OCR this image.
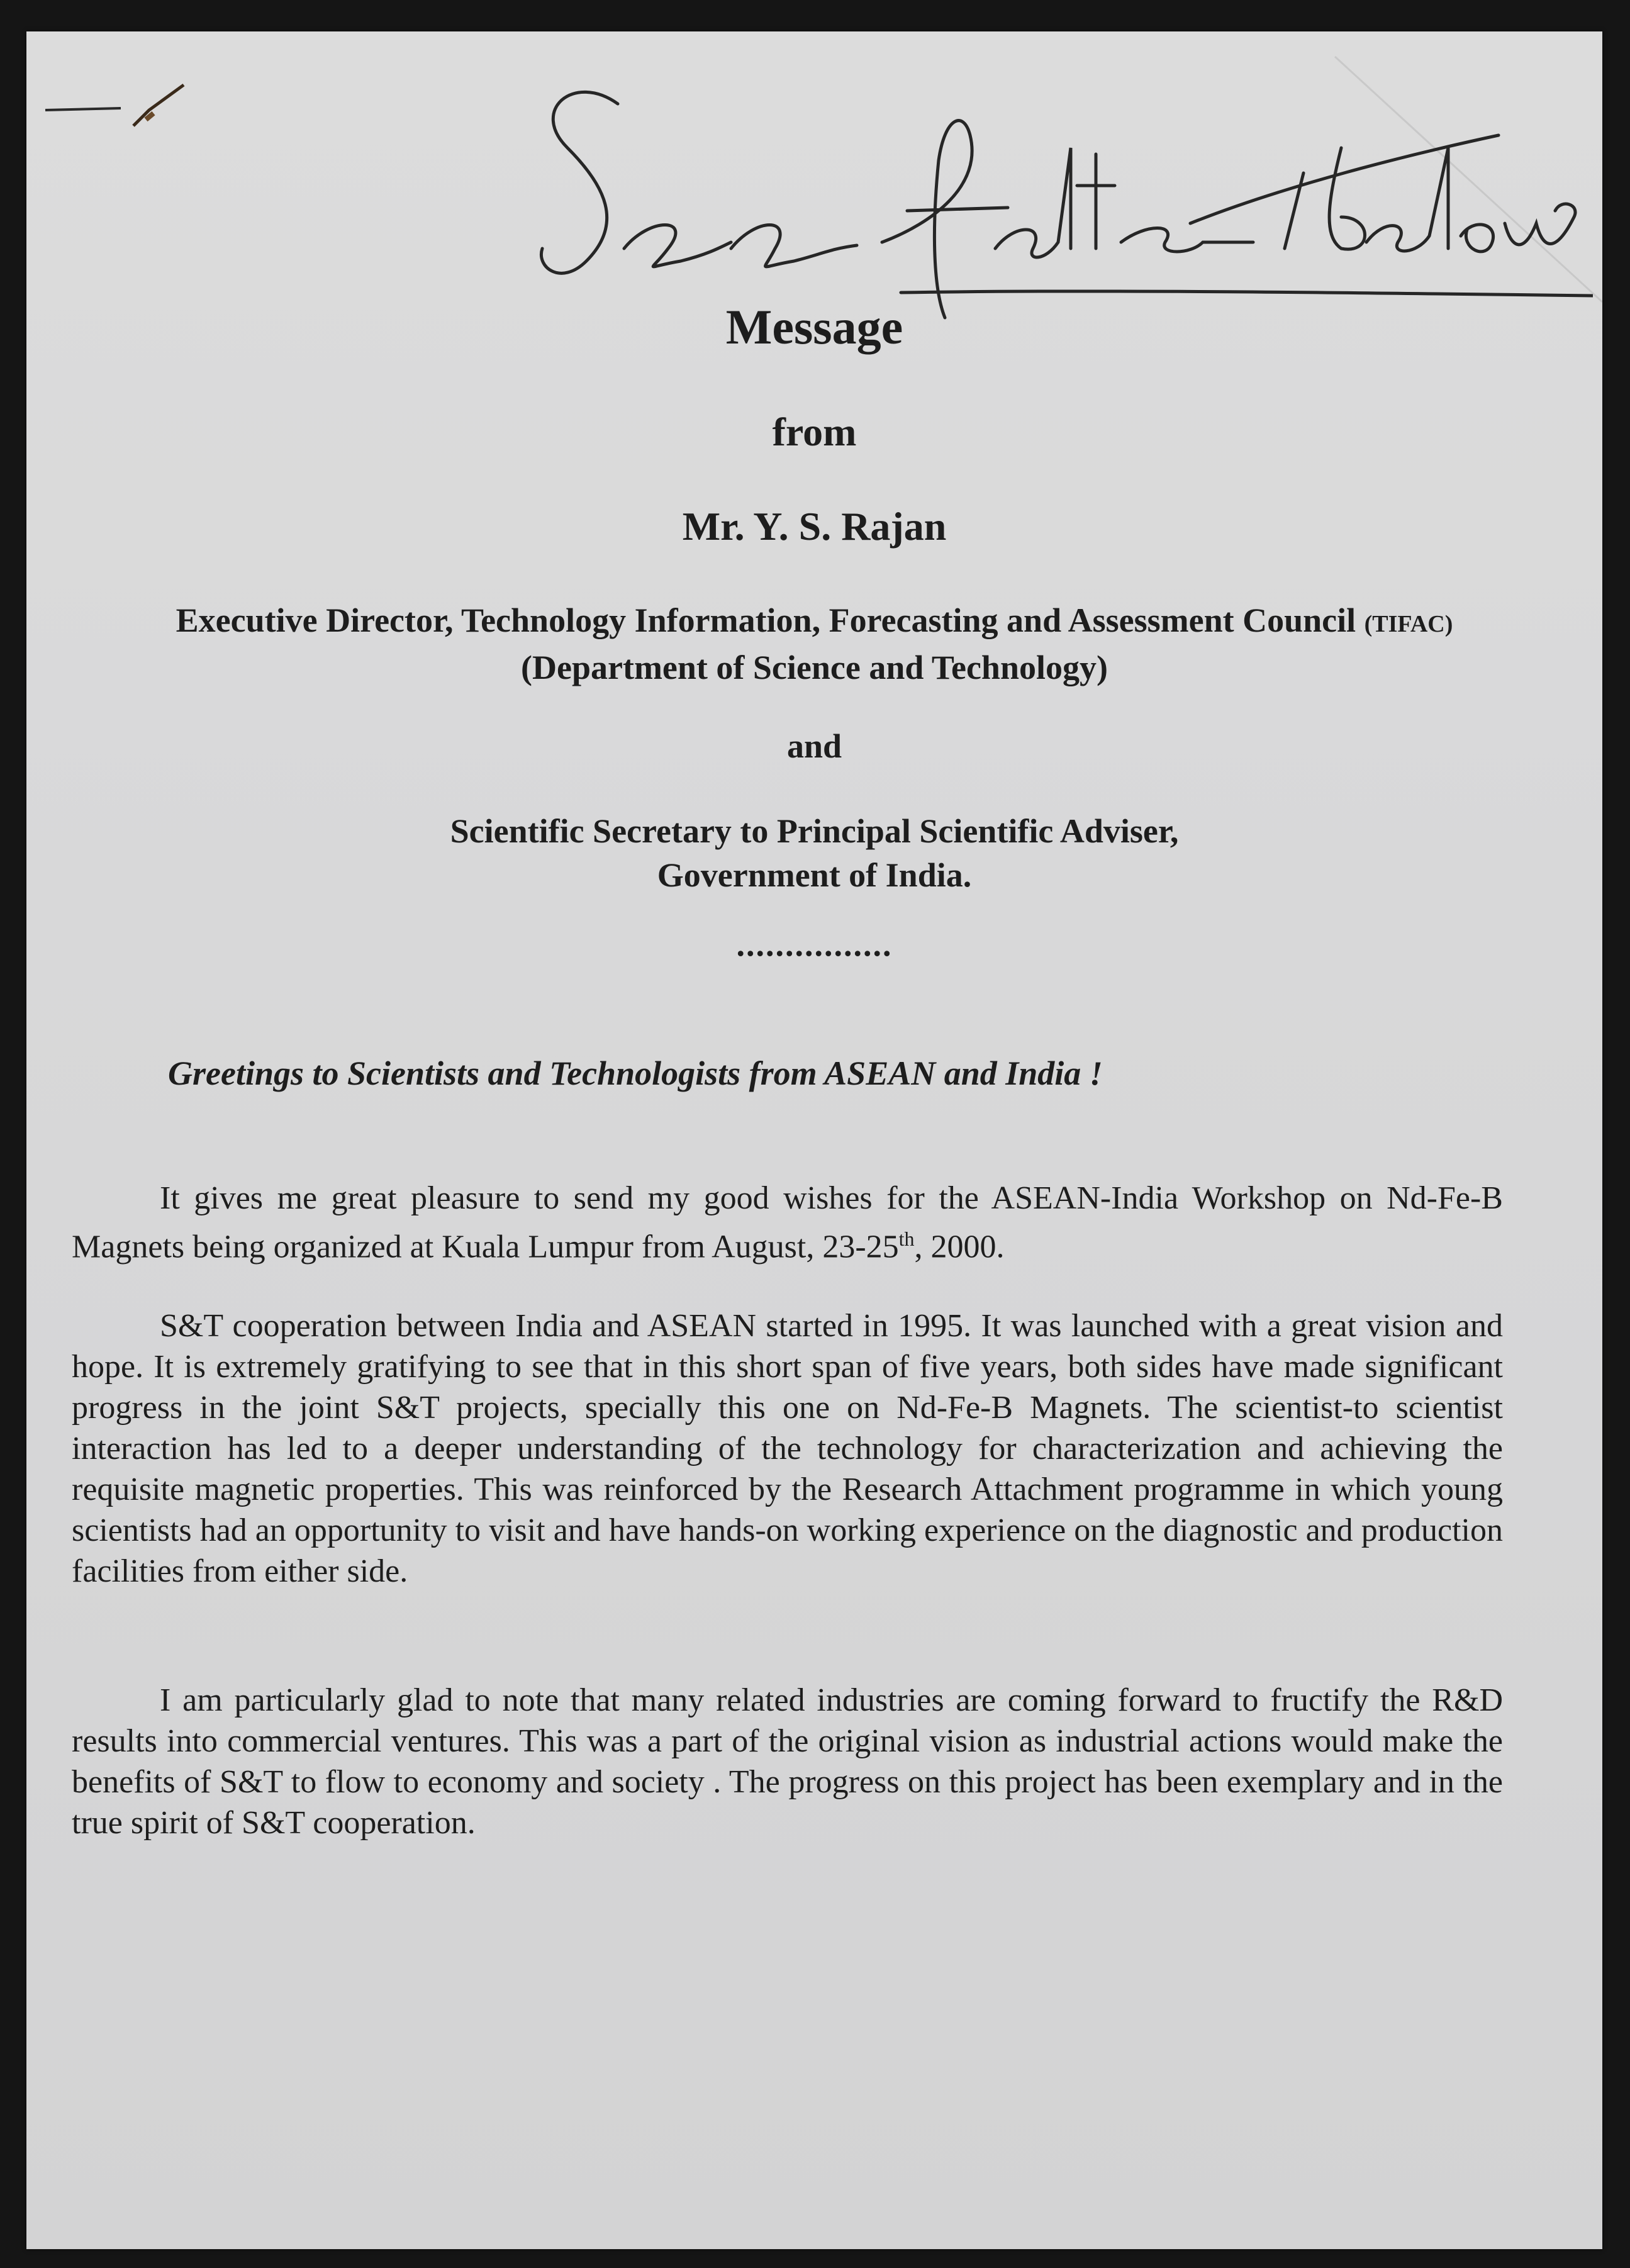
Message
from
Mr. Y. S. Rajan
Executive Director, Technology Information, Forecasting and Assessment Council (TIFAC)
(Department of Science and Technology)
and
Scientific Secretary to Principal Scientific Adviser,
Government of India.
................
Greetings to Scientists and Technologists from ASEAN and India !
It gives me great pleasure to send my good wishes for the ASEAN-India Workshop on Nd-Fe-B Magnets being organized at Kuala Lumpur from August, 23-25th, 2000.
S&T cooperation between India and ASEAN started in 1995. It was launched with a great vision and hope. It is extremely gratifying to see that in this short span of five years, both sides have made significant progress in the joint S&T projects, specially this one on Nd-Fe-B Magnets. The scientist-to scientist interaction has led to a deeper understanding of the technology for characterization and achieving the requisite magnetic properties. This was reinforced by the Research Attachment programme in which young scientists had an opportunity to visit and have hands-on working experience on the diagnostic and production facilities from either side.
I am particularly glad to note that many related industries are coming forward to fructify the R&D results into commercial ventures. This was a part of the original vision as industrial actions would make the benefits of S&T to flow to economy and society . The progress on this project has been exemplary and in the true spirit of S&T cooperation.
